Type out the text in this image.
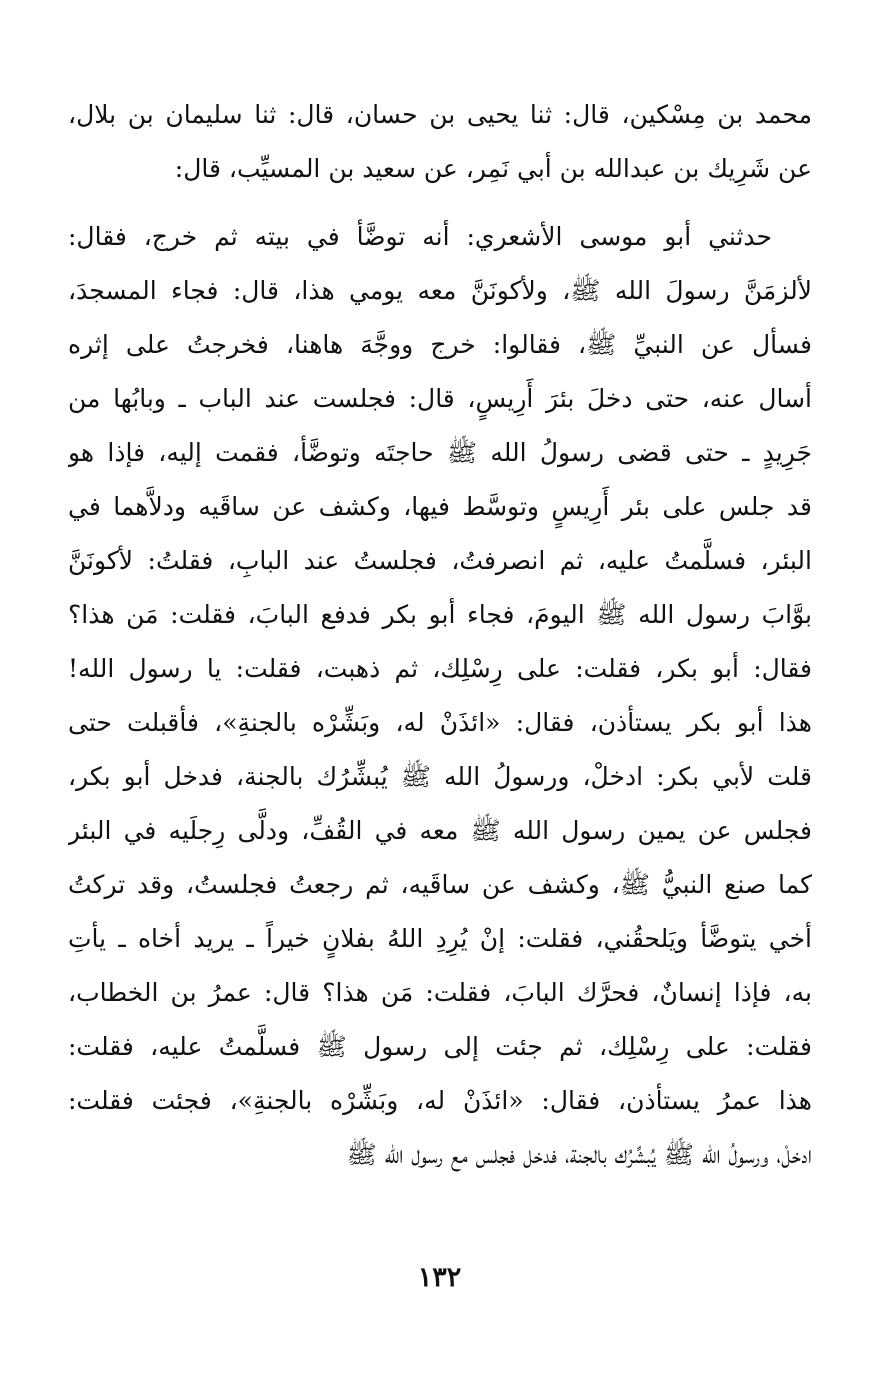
محمد بن مِسْكين، قال: ثنا يحيى بن حسان، قال: ثنا سليمان بن بلال،
عن شَرِيك بن عبدالله بن أبي نَمِر، عن سعيد بن المسيِّب، قال:
حدثني أبو موسى الأشعري: أنه توضَّأ في بيته ثم خرج، فقال:
لألزمَنَّ رسولَ الله ﷺ، ولأكونَنَّ معه يومي هذا، قال: فجاء المسجدَ،
فسأل عن النبيِّ ﷺ، فقالوا: خرج ووجَّهَ هاهنا، فخرجتُ على إثره
أسال عنه، حتى دخلَ بئرَ أَرِيسٍ، قال: فجلست عند الباب ـ وبابُها من
جَرِيدٍ ـ حتى قضى رسولُ الله ﷺ حاجتَه وتوضَّأ، فقمت إليه، فإذا هو
قد جلس على بئر أَرِيسٍ وتوسَّط فيها، وكشف عن ساقَيه ودلاَّهما في
البئر، فسلَّمتُ عليه، ثم انصرفتُ، فجلستُ عند البابِ، فقلتُ: لأكونَنَّ
بوَّابَ رسول الله ﷺ اليومَ، فجاء أبو بكر فدفع البابَ، فقلت: مَن هذا؟
فقال: أبو بكر، فقلت: على رِسْلِك، ثم ذهبت، فقلت: يا رسول الله!
هذا أبو بكر يستأذن، فقال: «ائذَنْ له، وبَشِّرْه بالجنةِ»، فأقبلت حتى
قلت لأبي بكر: ادخلْ، ورسولُ الله ﷺ يُبشِّرُك بالجنة، فدخل أبو بكر،
فجلس عن يمين رسول الله ﷺ معه في القُفِّ، ودلَّى رِجلَيه في البئر
كما صنع النبيُّ ﷺ، وكشف عن ساقَيه، ثم رجعتُ فجلستُ، وقد تركتُ
أخي يتوضَّأ ويَلحقُني، فقلت: إنْ يُرِدِ اللهُ بفلانٍ خيراً ـ يريد أخاه ـ يأتِ
به، فإذا إنسانٌ، فحرَّك البابَ، فقلت: مَن هذا؟ قال: عمرُ بن الخطاب،
فقلت: على رِسْلِك، ثم جئت إلى رسول ﷺ فسلَّمتُ عليه، فقلت:
هذا عمرُ يستأذن، فقال: «ائذَنْ له، وبَشِّرْه بالجنةِ»، فجئت فقلت:
ادخلْ، ورسولُ الله ﷺ يُبشِّرُك بالجنة، فدخل فجلس مع رسول الله ﷺ
١٣٢
